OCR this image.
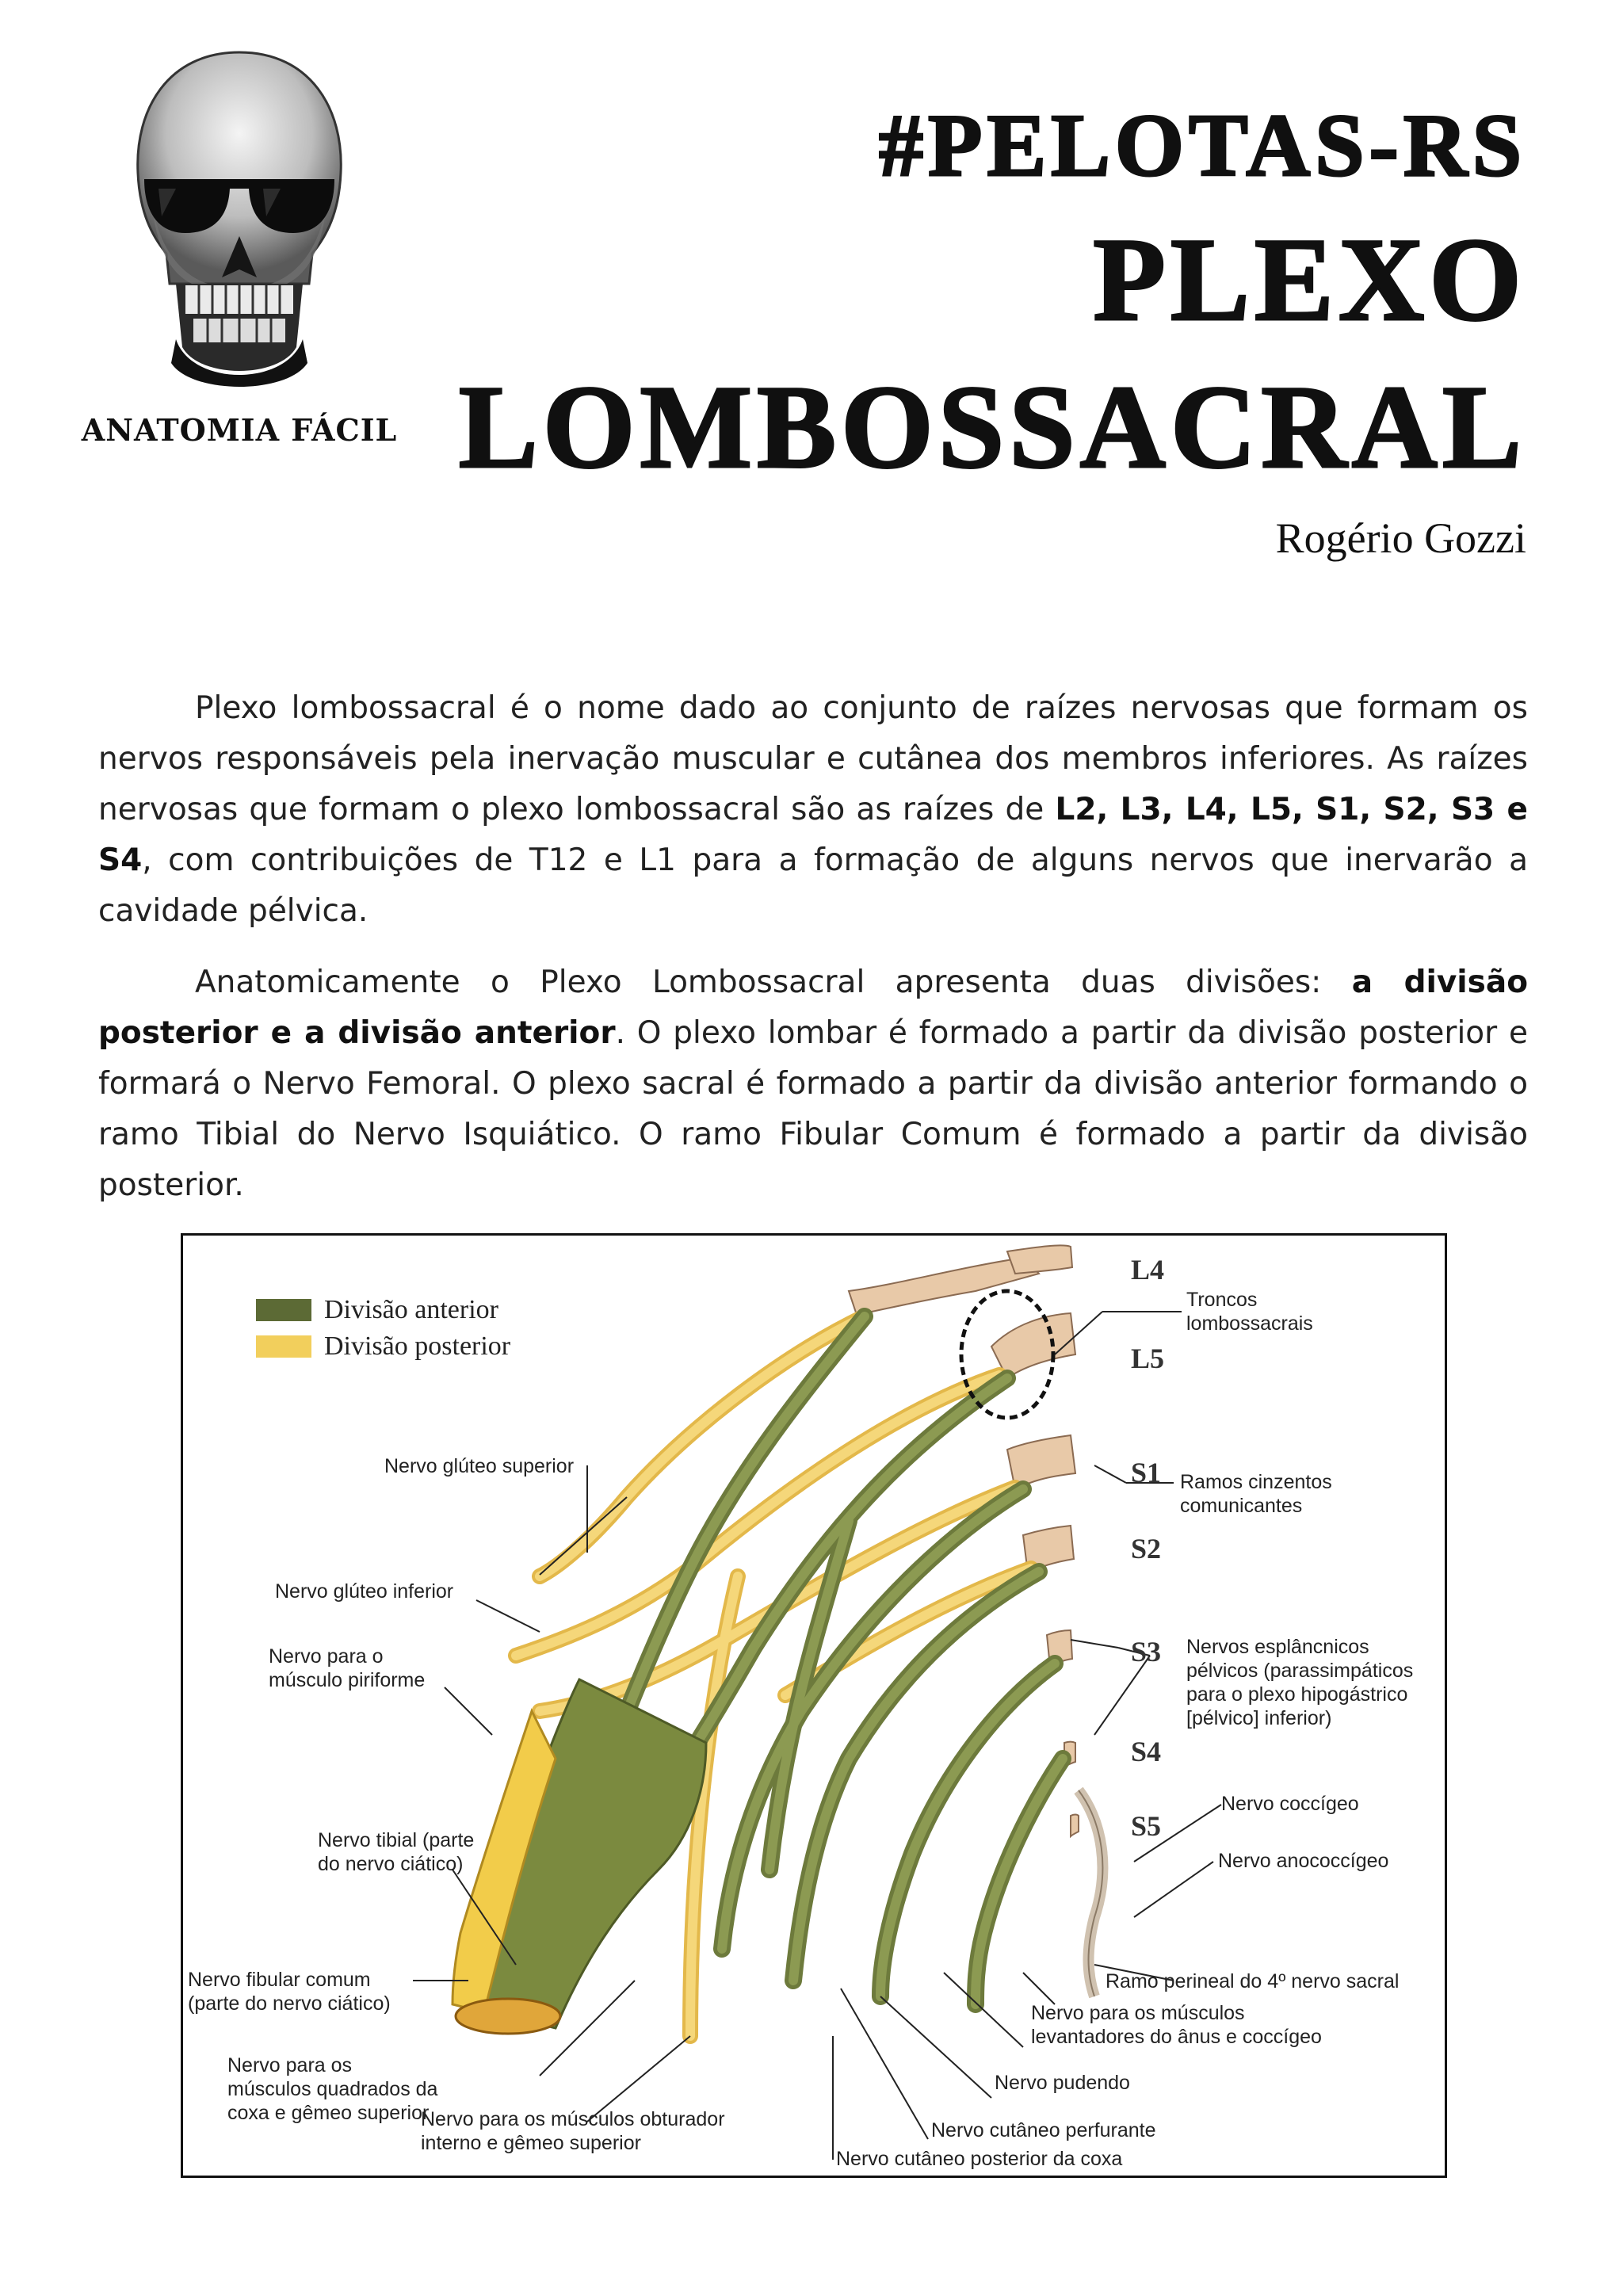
ANATOMIA FÁCIL
#PELOTAS-RS
PLEXO
LOMBOSSACRAL
Rogério Gozzi

Plexo lombossacral é o nome dado ao conjunto de raízes nervosas que formam os nervos responsáveis pela inervação muscular e cutânea dos membros inferiores. As raízes nervosas que formam o plexo lombossacral são as raízes de L2, L3, L4, L5, S1, S2, S3 e S4, com contribuições de T12 e L1 para a formação de alguns nervos que inervarão a cavidade pélvica.

Anatomicamente o Plexo Lombossacral apresenta duas divisões: a divisão posterior e a divisão anterior. O plexo lombar é formado a partir da divisão posterior e formará o Nervo Femoral. O plexo sacral é formado a partir da divisão anterior formando o ramo Tibial do Nervo Isquiático. O ramo Fibular Comum é formado a partir da divisão posterior.

Divisão anterior
Divisão posterior
L4
L5
S1
S2
S3
S4
S5
Troncos
lombossacrais
Ramos cinzentos
comunicantes
Nervos esplâncnicos
pélvicos (parassimpáticos
para o plexo hipogástrico
[pélvico] inferior)
Nervo coccígeo
Nervo anococcígeo
Ramo perineal do 4º nervo sacral
Nervo para os músculos
levantadores do ânus e coccígeo
Nervo pudendo
Nervo cutâneo perfurante
Nervo cutâneo posterior da coxa
Nervo para os músculos obturador
interno e gêmeo superior
Nervo para os
músculos quadrados da
coxa e gêmeo superior
Nervo fibular comum
(parte do nervo ciático)
Nervo tibial (parte
do nervo ciático)
Nervo para o
músculo piriforme
Nervo glúteo inferior
Nervo glúteo superior
